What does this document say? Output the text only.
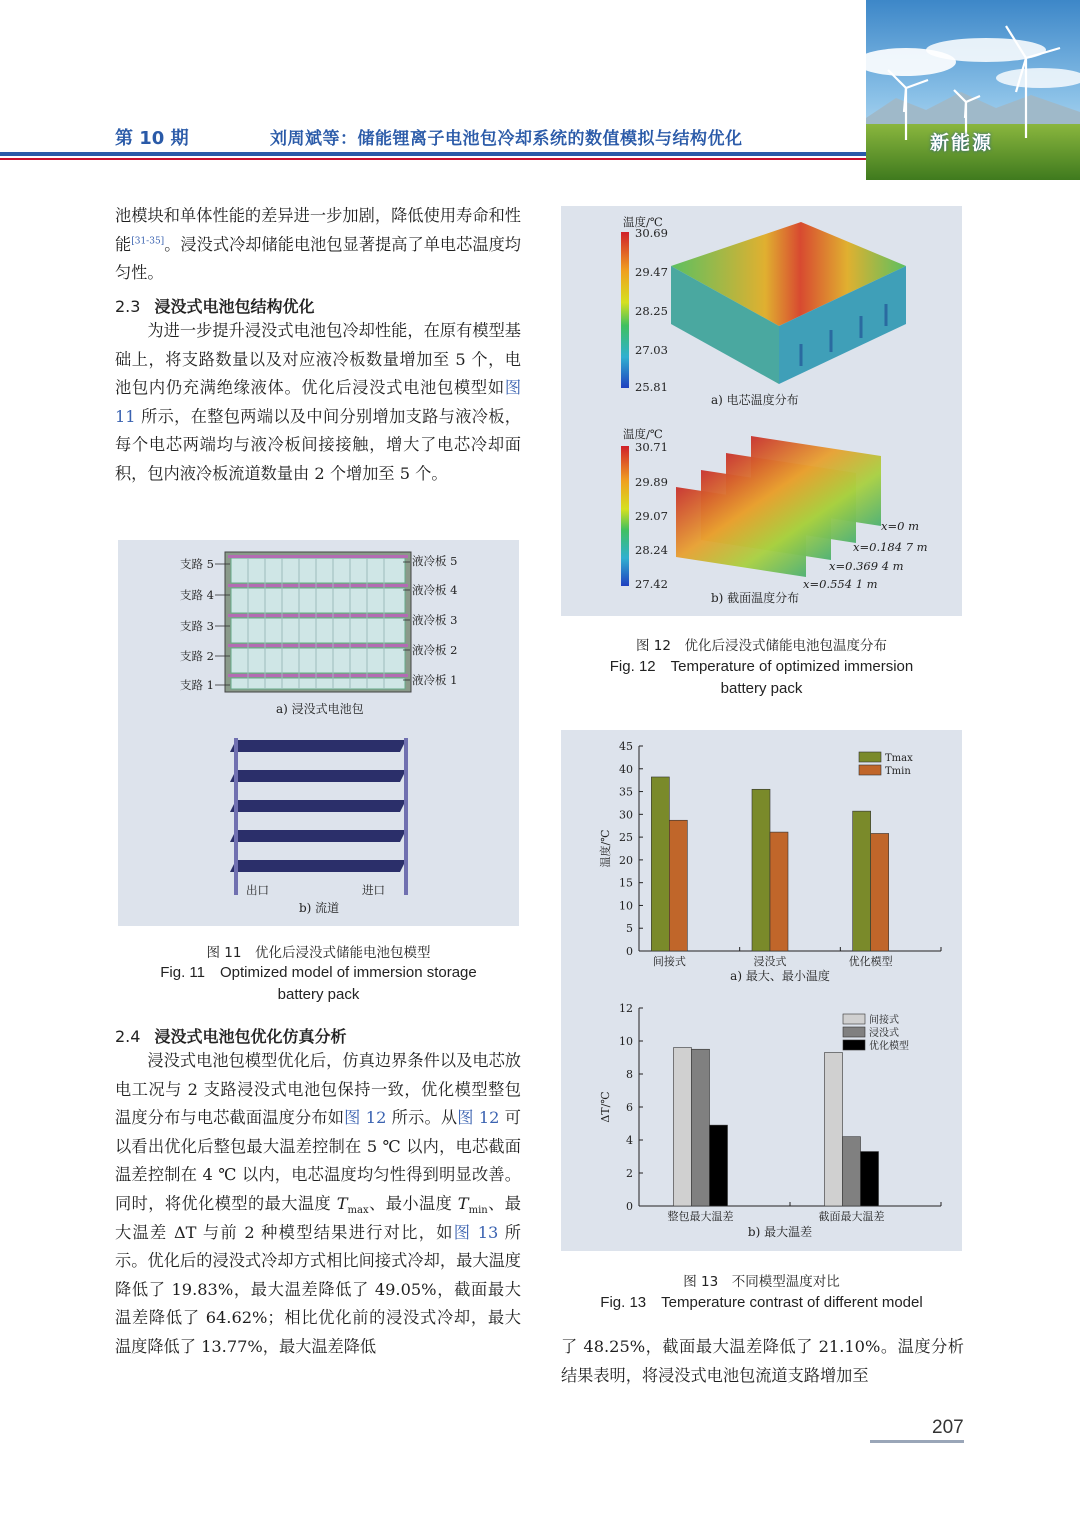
第 10 期	刘周斌等：储能锂离子电池包冷却系统的数值模拟与结构优化	新能源

池模块和单体性能的差异进一步加剧，降低使用寿命和性能[31-35]。浸没式冷却储能电池包显著提高了单电芯温度均匀性。

2.3 浸没式电池包结构优化

为进一步提升浸没式电池包冷却性能，在原有模型基础上，将支路数量以及对应液冷板数量增加至 5 个，电池包内仍充满绝缘液体。优化后浸没式电池包模型如图 11 所示，在整包两端以及中间分别增加支路与液冷板，每个电芯两端均与液冷板间接接触，增大了电芯冷却面积，包内液冷板流道数量由 2 个增加至 5 个。

支路 5
支路 4
支路 3
支路 2
支路 1
液冷板 5
液冷板 4
液冷板 3
液冷板 2
液冷板 1
a) 浸没式电池包
出口	进口
b) 流道
图 11　优化后浸没式储能电池包模型
Fig. 11　Optimized model of immersion storage
battery pack
2.4 浸没式电池包优化仿真分析

浸没式电池包模型优化后，仿真边界条件以及电芯放电工况与 2 支路浸没式电池包保持一致，优化模型整包温度分布与电芯截面温度分布如图 12 所示。从图 12 可以看出优化后整包最大温差控制在 5 ℃ 以内，电芯截面温差控制在 4 ℃ 以内，电芯温度均匀性得到明显改善。同时，将优化模型的最大温度 $T_{max}$、最小温度 $T_{min}$、最大温差 ΔT 与前 2 种模型结果进行对比，如图 13 所示。优化后的浸没式冷却方式相比间接式冷却，最大温度降低了 19.83%，最大温差降低了 49.05%，截面最大温差降低了 64.62%；相比优化前的浸没式冷却，最大温度降低了 13.77%，最大温差降低

温度/℃
30.69
29.47
28.25
27.03
25.81
a) 电芯温度分布
温度/℃
30.71
29.89
29.07
28.24
27.42
x=0 m
x=0.184 7 m
x=0.369 4 m
x=0.554 1 m
b) 截面温度分布
图 12　优化后浸没式储能电池包温度分布
Fig. 12　Temperature of optimized immersion
battery pack
0
5
10
15
20
25
30
35
40
45
温度/℃
间接式	浸没式	优化模型
Tmax
Tmin
a) 最大、最小温度
0
2
4
6
8
10
12
ΔT/℃
整包最大温差	截面最大温差
间接式
浸没式
优化模型
b) 最大温差
图 13　不同模型温度对比
Fig. 13　Temperature contrast of different model
了 48.25%，截面最大温差降低了 21.10%。温度分析结果表明，将浸没式电池包流道支路增加至
207
